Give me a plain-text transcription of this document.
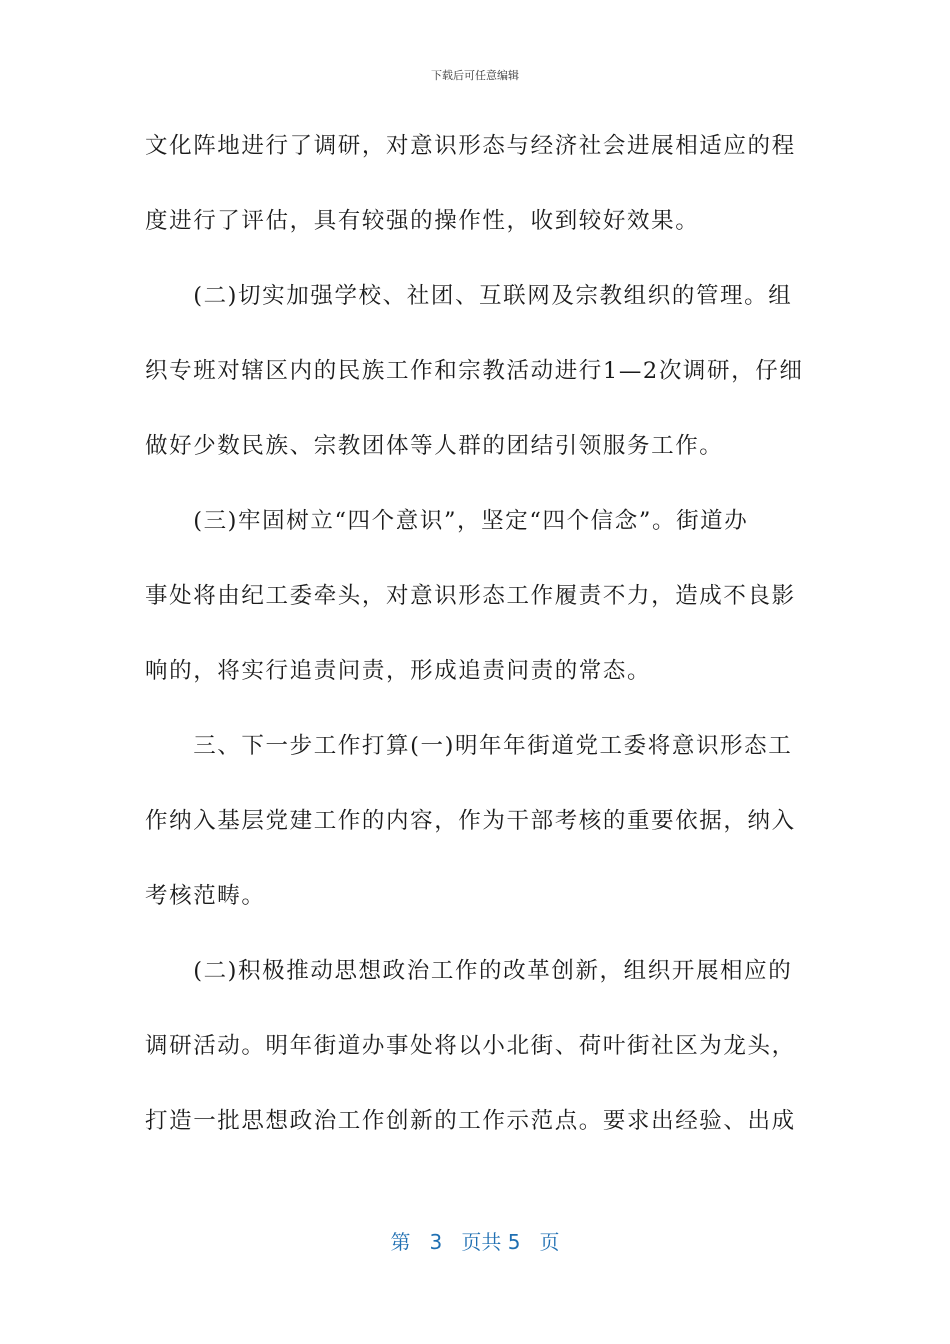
下载后可任意编辑
文化阵地进行了调研，对意识形态与经济社会进展相适应的程
度进行了评估，具有较强的操作性，收到较好效果。
　　(二)切实加强学校、社团、互联网及宗教组织的管理。组
织专班对辖区内的民族工作和宗教活动进行1—2次调研，仔细
做好少数民族、宗教团体等人群的团结引领服务工作。
　　(三)牢固树立“四个意识”，坚定“四个信念”。街道办
事处将由纪工委牵头，对意识形态工作履责不力，造成不良影
响的，将实行追责问责，形成追责问责的常态。
　　三、下一步工作打算(一)明年年街道党工委将意识形态工
作纳入基层党建工作的内容，作为干部考核的重要依据，纳入
考核范畴。
　　(二)积极推动思想政治工作的改革创新，组织开展相应的
调研活动。明年街道办事处将以小北街、荷叶街社区为龙头，
打造一批思想政治工作创新的工作示范点。要求出经验、出成
第 3 页共 5 页
